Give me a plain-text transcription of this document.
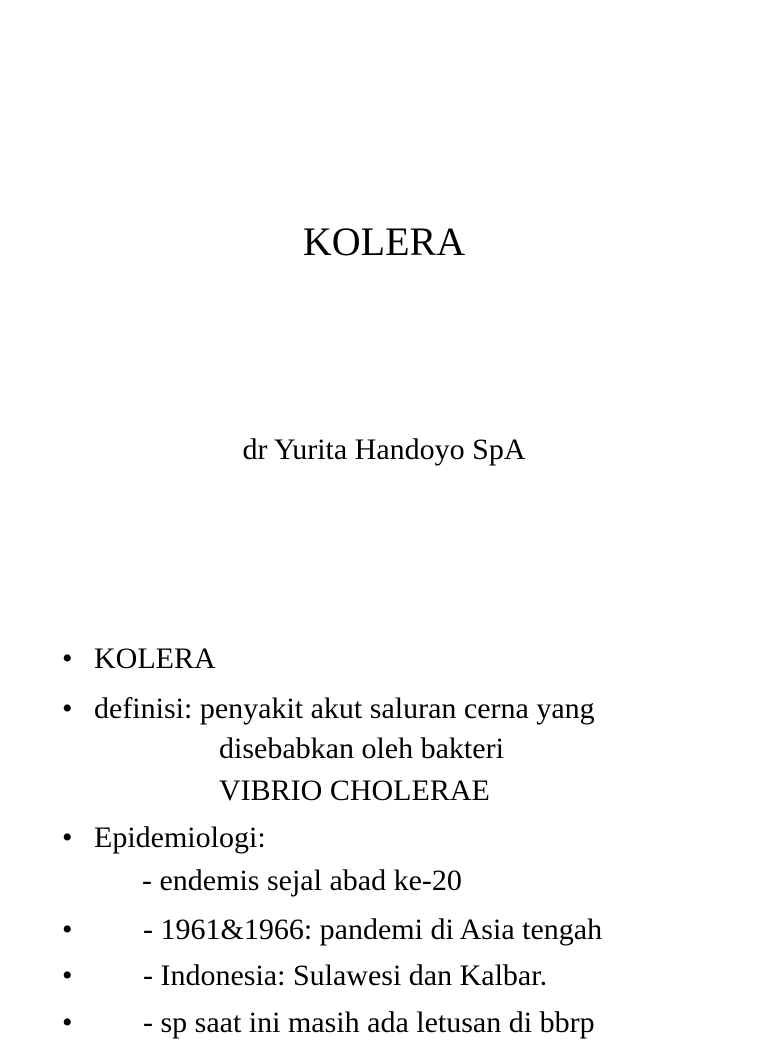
KOLERA
dr Yurita Handoyo SpA
• KOLERA
• definisi: penyakit akut saluran cerna yang
disebabkan oleh bakteri
VIBRIO CHOLERAE
• Epidemiologi:
- endemis sejal abad ke-20
• - 1961&1966: pandemi di Asia tengah
• - Indonesia: Sulawesi dan Kalbar.
• - sp saat ini masih ada letusan di bbrp
